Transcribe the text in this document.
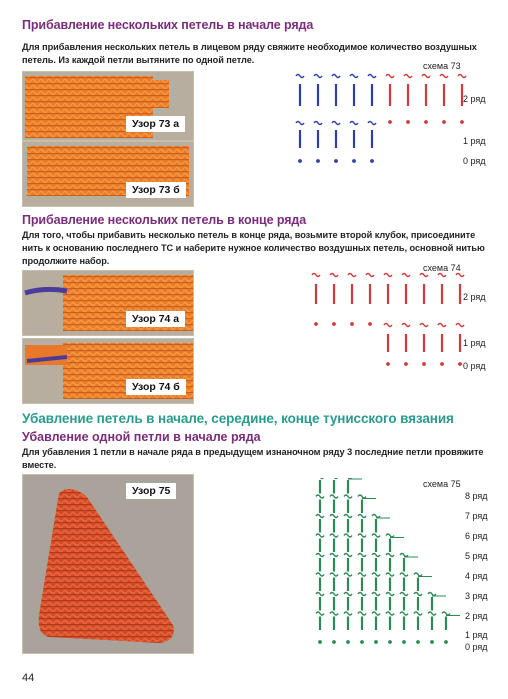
Прибавление нескольких петель в начале ряда
Для прибавления нескольких петель в лицевом ряду свяжите необходимое количество воздушных петель. Из каждой петли вытяните по одной петле.
Узор 73 а
Узор 73 б
схема 73
2 ряд
1 ряд
0 ряд
Прибавление нескольких петель в конце ряда
Для того, чтобы прибавить несколько петель в конце ряда, возьмите второй клубок, присоедините нить к основанию последнего ТС и наберите нужное количество воздушных петель, основной нитью продолжите набор.
Узор 74 а
Узор 74 б
схема 74
2 ряд
1 ряд
0 ряд
Убавление петель в начале, середине, конце тунисского вязания
Убавление одной петли в начале ряда
Для убавления 1 петли в начале ряда в предыдущем изнаночном ряду 3 последние петли провяжите вместе.
Узор 75
схема 75
8 ряд
7 ряд
6 ряд
5 ряд
4 ряд
3 ряд
2 ряд
1 ряд
0 ряд
44
